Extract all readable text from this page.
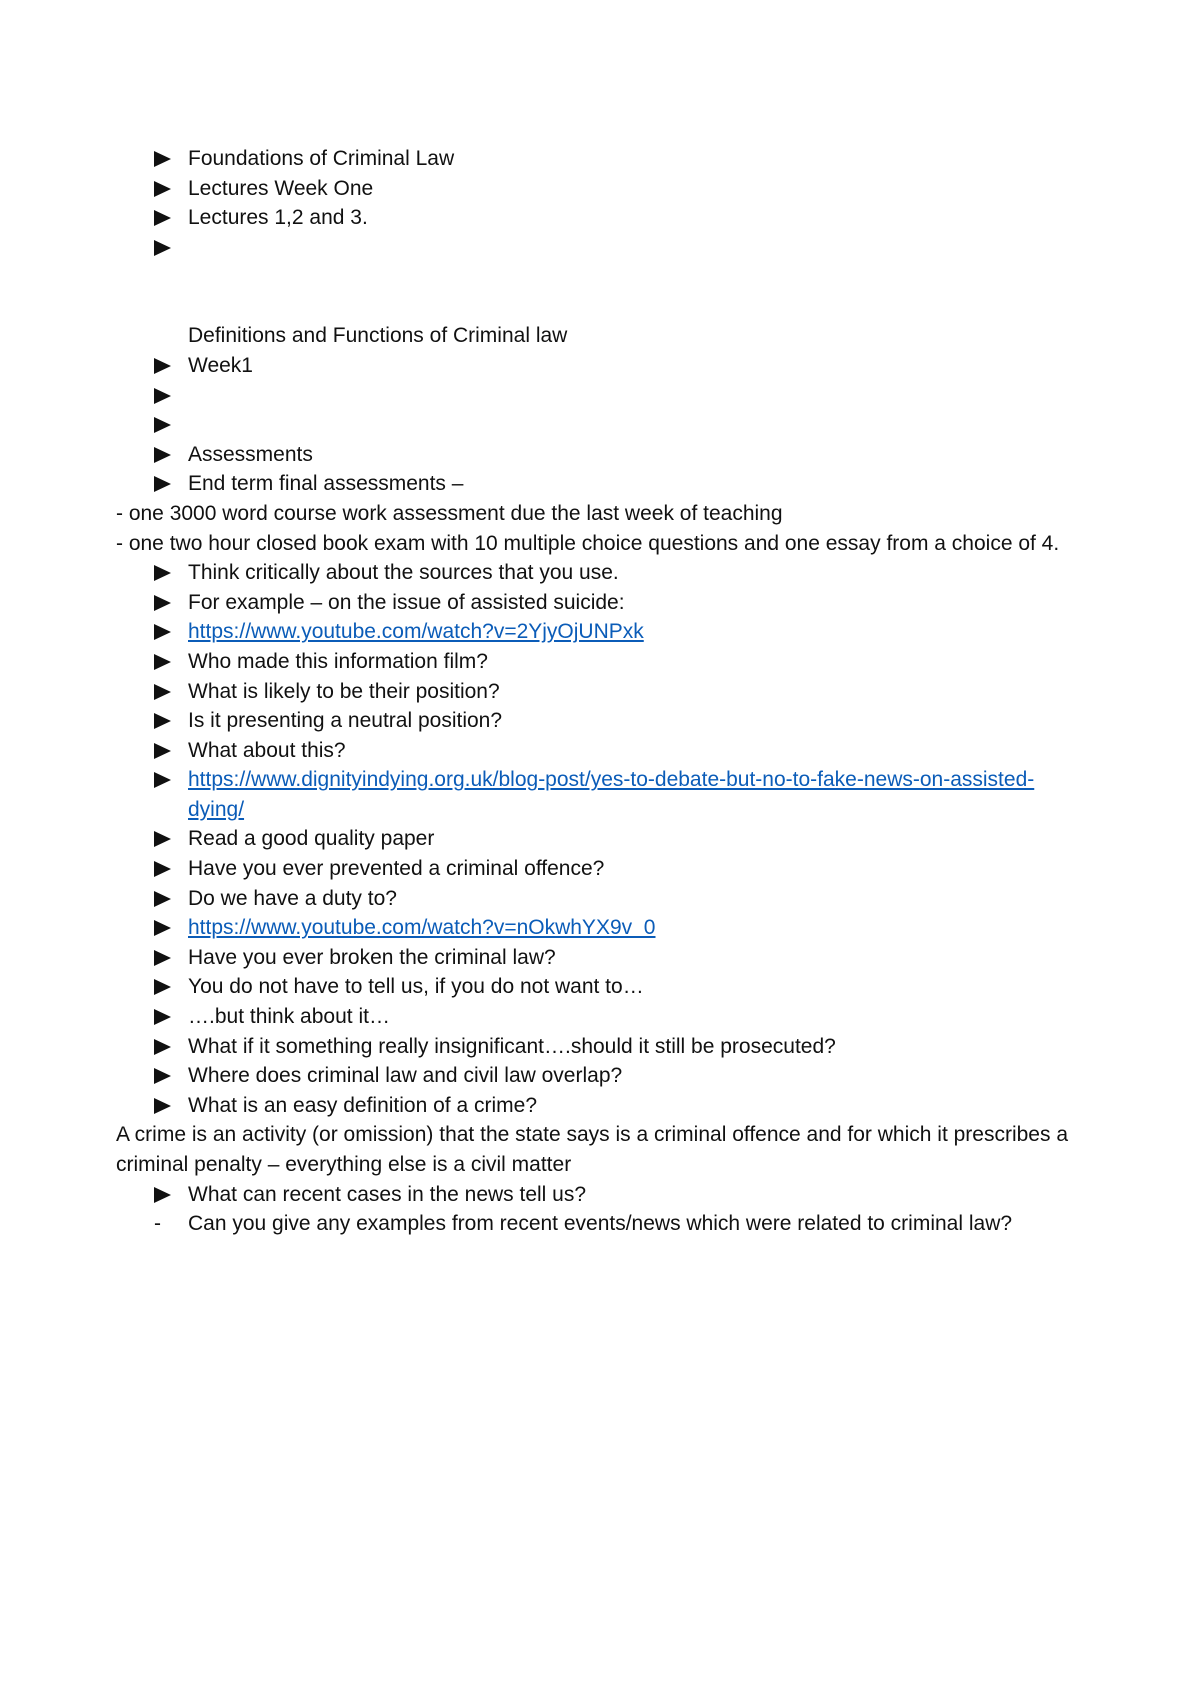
Foundations of Criminal Law
Lectures Week One
Lectures 1,2 and 3.
Definitions and Functions of Criminal law
Week1
Assessments
End term final assessments –
- one 3000 word course work assessment due the last week of teaching
- one two hour closed book exam with 10 multiple choice questions and one essay from a choice of 4.
Think critically about the sources that you use.
For example – on the issue of assisted suicide:
https://www.youtube.com/watch?v=2YjyOjUNPxk
Who made this information film?
What is likely to be their position?
Is it presenting a neutral position?
What about this?
https://www.dignityindying.org.uk/blog-post/yes-to-debate-but-no-to-fake-news-on-assisted-dying/
Read a good quality paper
Have you ever prevented a criminal offence?
Do we have a duty to?
https://www.youtube.com/watch?v=nOkwhYX9v_0
Have you ever broken the criminal law?
You do not have to tell us, if you do not want to…
….but think about it…
What if it something really insignificant….should it still be prosecuted?
Where does criminal law and civil law overlap?
What is an easy definition of a crime?
A crime is an activity (or omission) that the state says is a criminal offence and for which it prescribes a criminal penalty – everything else is a civil matter
What can recent cases in the news tell us?
-	Can you give any examples from recent events/news which were related to criminal law?
